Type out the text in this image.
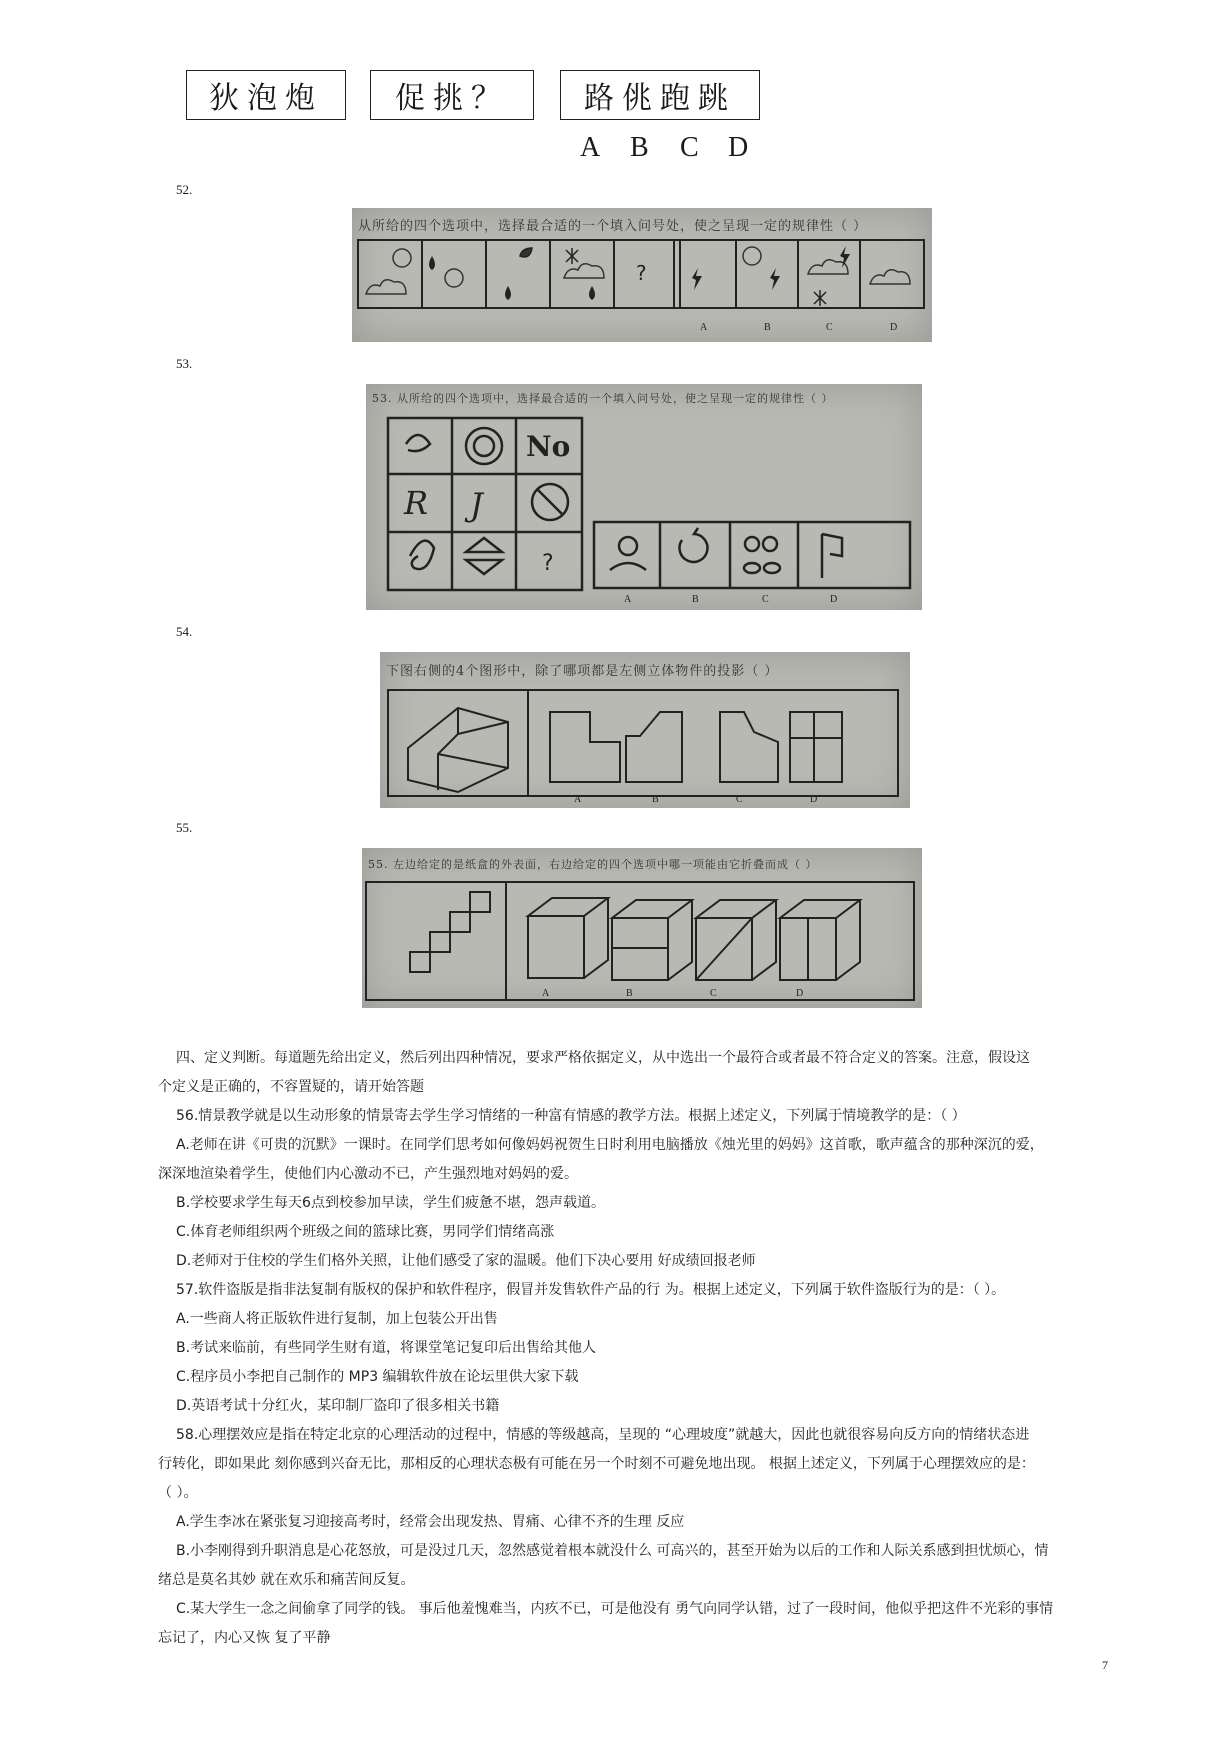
狄泡炮 促挑？	路佻跑跳
A B C D
52.
从所给的四个选项中，选择最合适的一个填入问号处，使之呈现一定的规律性（ ）
?
A	B	C	D
53.
53. 从所给的四个选项中，选择最合适的一个填入问号处，使之呈现一定的规律性（ ）
No
R J
?
A	B	C	D
54.
下图右侧的4个图形中，除了哪项都是左侧立体物件的投影（ ）
A	B	C	D
55.
55. 左边给定的是纸盒的外表面，右边给定的四个选项中哪一项能由它折叠而成（ ）
A	B	C	D
四、定义判断。每道题先给出定义，然后列出四种情况，要求严格依据定义，从中选出一个最符合或者最不符合定义的答案。注意，假设这
个定义是正确的，不容置疑的，请开始答题
56.情景教学就是以生动形象的情景寄去学生学习情绪的一种富有情感的教学方法。根据上述定义，下列属于情境教学的是：（ ）
A.老师在讲《可贵的沉默》一课时。在同学们思考如何像妈妈祝贺生日时利用电脑播放《烛光里的妈妈》这首歌，歌声蕴含的那种深沉的爱，
深深地渲染着学生，使他们内心激动不已，产生强烈地对妈妈的爱。
B.学校要求学生每天6点到校参加早读，学生们疲惫不堪，怨声载道。
C.体育老师组织两个班级之间的篮球比赛，男同学们情绪高涨
D.老师对于住校的学生们格外关照，让他们感受了家的温暖。他们下决心要用 好成绩回报老师
57.软件盗版是指非法复制有版权的保护和软件程序，假冒并发售软件产品的行 为。根据上述定义，下列属于软件盗版行为的是：（ ）。
A.一些商人将正版软件进行复制，加上包装公开出售
B.考试来临前，有些同学生财有道，将课堂笔记复印后出售给其他人
C.程序员小李把自己制作的 MP3 编辑软件放在论坛里供大家下载
D.英语考试十分红火，某印制厂盗印了很多相关书籍
58.心理摆效应是指在特定北京的心理活动的过程中，情感的等级越高，呈现的 “心理坡度”就越大，因此也就很容易向反方向的情绪状态进
行转化，即如果此 刻你感到兴奋无比，那相反的心理状态极有可能在另一个时刻不可避免地出现。 根据上述定义，下列属于心理摆效应的是：
（ ）。
A.学生李冰在紧张复习迎接高考时，经常会出现发热、胃痛、心律不齐的生理 反应
B.小李刚得到升职消息是心花怒放，可是没过几天，忽然感觉着根本就没什么 可高兴的，甚至开始为以后的工作和人际关系感到担忧烦心，情
绪总是莫名其妙 就在欢乐和痛苦间反复。
C.某大学生一念之间偷拿了同学的钱。 事后他羞愧难当，内疚不已，可是他没有 勇气向同学认错，过了一段时间，他似乎把这件不光彩的事情
忘记了，内心又恢 复了平静
7
